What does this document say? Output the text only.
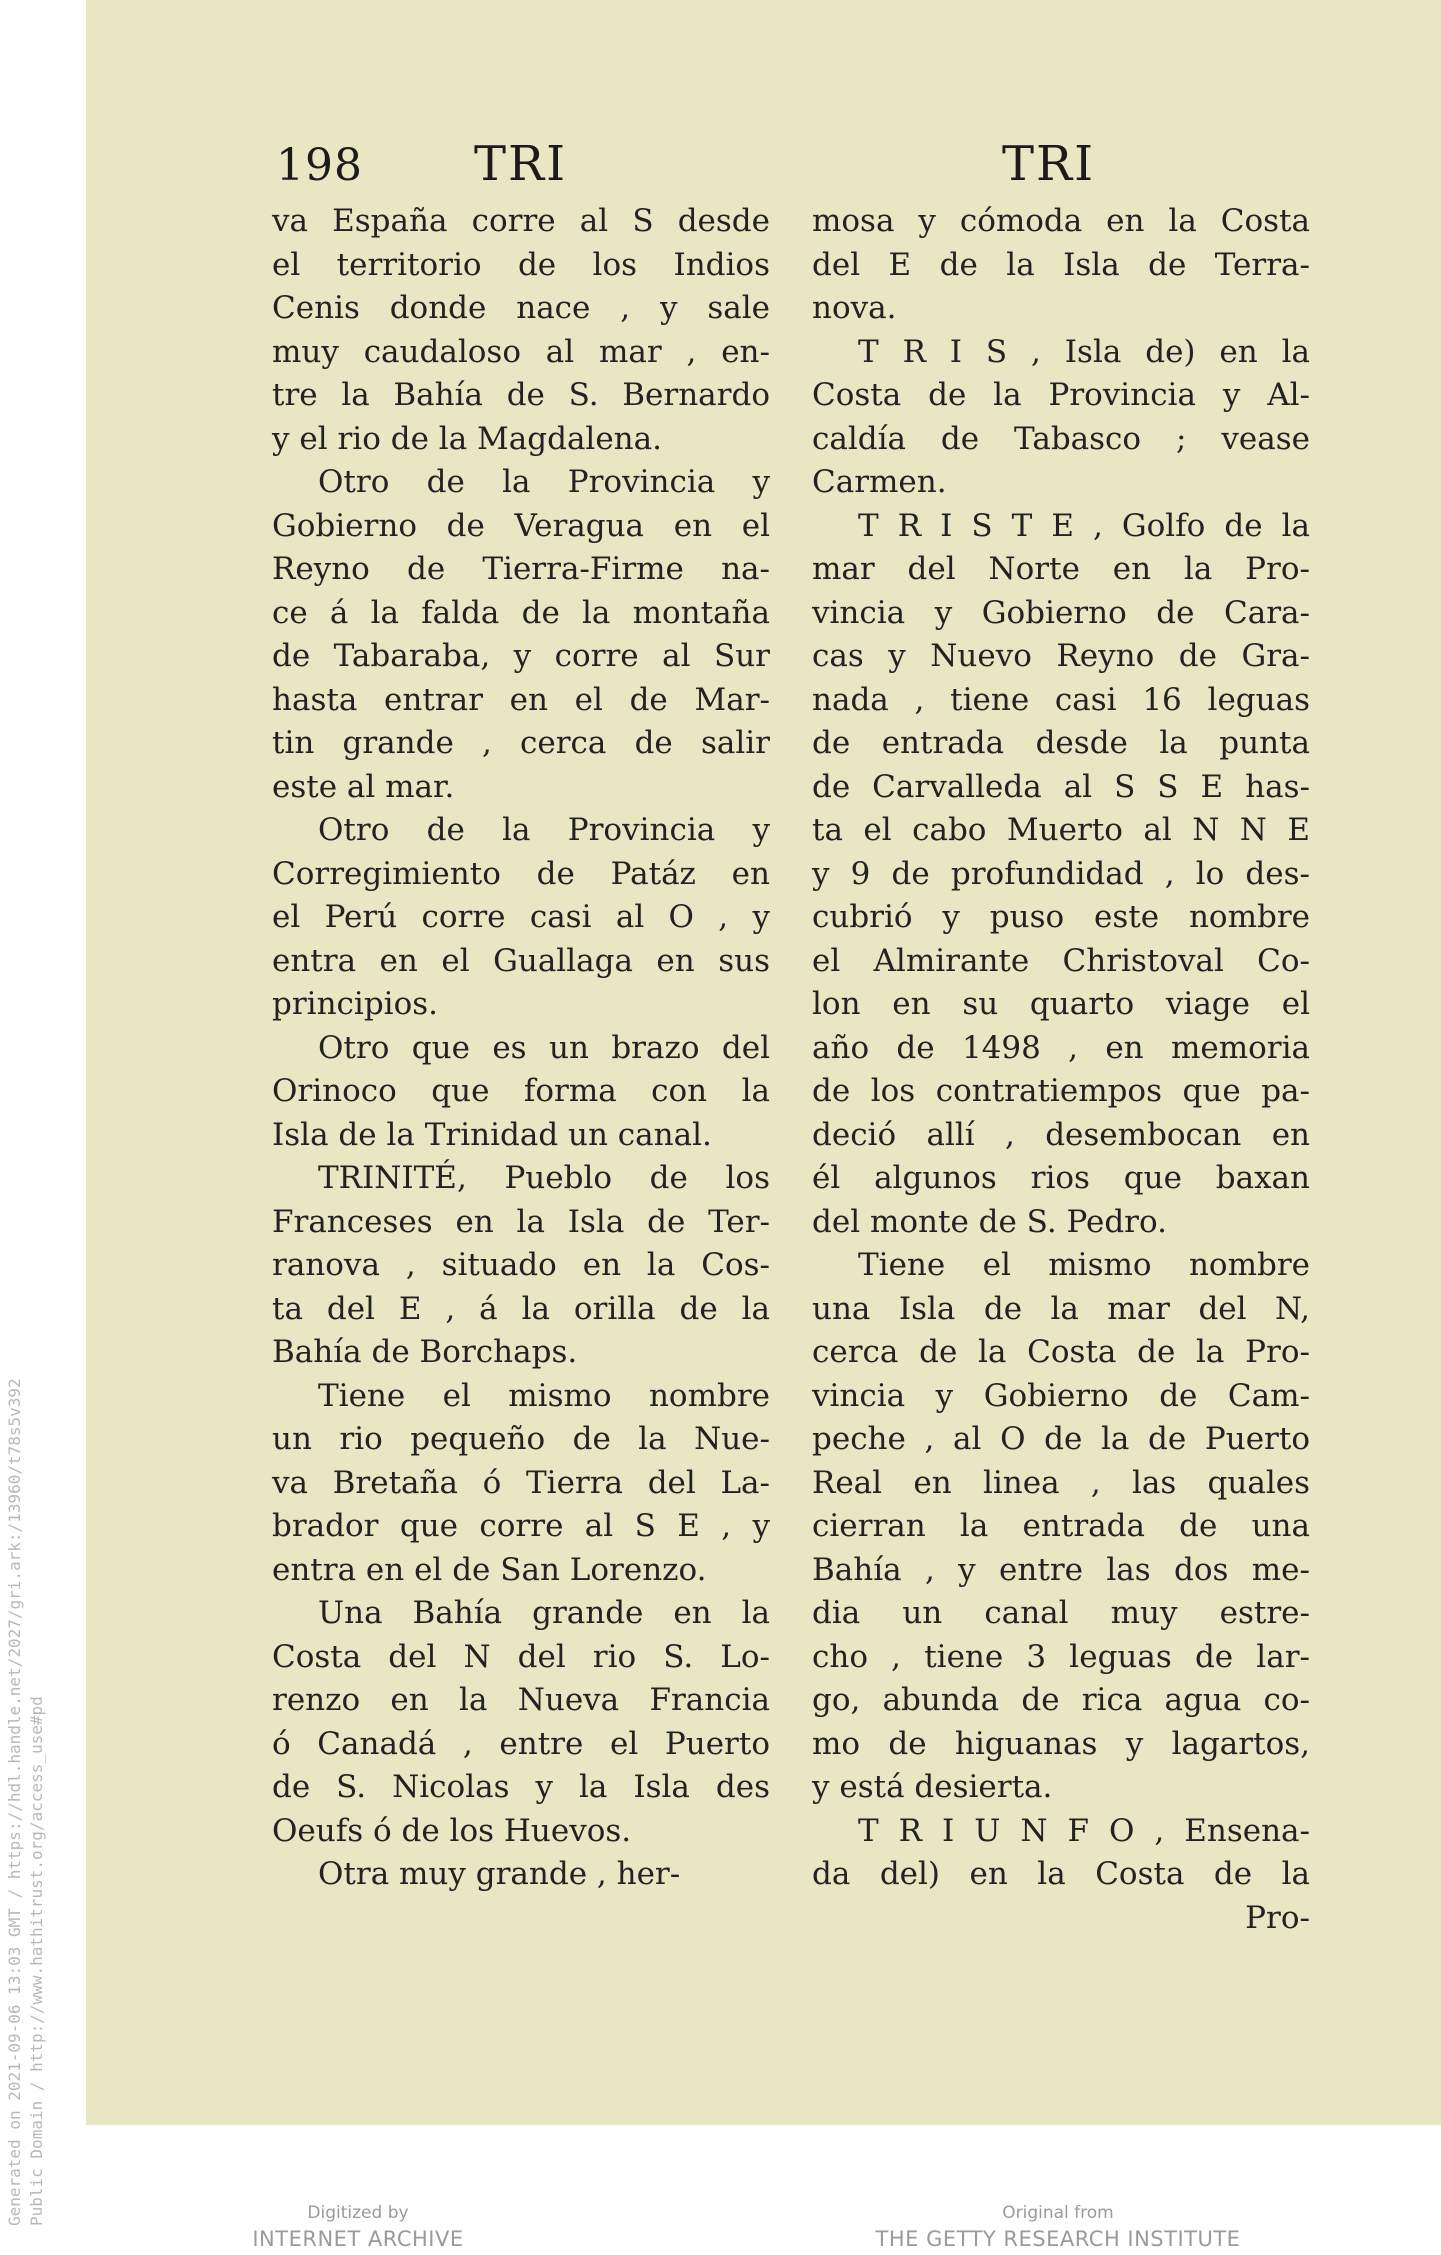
Generated on 2021-09-06 13:03 GMT / https://hdl.handle.net/2027/gri.ark:/13960/t78s5v392 Public Domain / http://www.hathitrust.org/access_use#pd
198 TRI	TRI
va España corre al S desde
el territorio de los Indios
Cenis donde nace , y sale
muy caudaloso al mar , en-
tre la Bahía de S. Bernardo
y el rio de la Magdalena.
Otro de la Provincia y
Gobierno de Veragua en el
Reyno de Tierra-Firme na-
ce á la falda de la montaña
de Tabaraba, y corre al Sur
hasta entrar en el de Mar-
tin grande , cerca de salir
este al mar.
Otro de la Provincia y
Corregimiento de Patáz en
el Perú corre casi al O , y
entra en el Guallaga en sus
principios.
Otro que es un brazo del
Orinoco que forma con la
Isla de la Trinidad un canal.
TRINITÉ, Pueblo de los
Franceses en la Isla de Ter-
ranova , situado en la Cos-
ta del E , á la orilla de la
Bahía de Borchaps.
Tiene el mismo nombre
un rio pequeño de la Nue-
va Bretaña ó Tierra del La-
brador que corre al S E , y
entra en el de San Lorenzo.
Una Bahía grande en la
Costa del N del rio S. Lo-
renzo en la Nueva Francia
ó Canadá , entre el Puerto
de S. Nicolas y la Isla des
Oeufs ó de los Huevos.
Otra muy grande , her-
mosa y cómoda en la Costa
del E de la Isla de Terra-
nova.
T R I S , Isla de) en la
Costa de la Provincia y Al-
caldía de Tabasco ; vease
Carmen.
T R I S T E , Golfo de la
mar del Norte en la Pro-
vincia y Gobierno de Cara-
cas y Nuevo Reyno de Gra-
nada , tiene casi 16 leguas
de entrada desde la punta
de Carvalleda al S S E has-
ta el cabo Muerto al N N E
y 9 de profundidad , lo des-
cubrió y puso este nombre
el Almirante Christoval Co-
lon en su quarto viage el
año de 1498 , en memoria
de los contratiempos que pa-
deció allí , desembocan en
él algunos rios que baxan
del monte de S. Pedro.
Tiene el mismo nombre
una Isla de la mar del N,
cerca de la Costa de la Pro-
vincia y Gobierno de Cam-
peche , al O de la de Puerto
Real en linea , las quales
cierran la entrada de una
Bahía , y entre las dos me-
dia un canal muy estre-
cho , tiene 3 leguas de lar-
go, abunda de rica agua co-
mo de higuanas y lagartos,
y está desierta.
T R I U N F O , Ensena-
da del) en la Costa de la
Pro-
Digitized by
INTERNET ARCHIVE
Original from
THE GETTY RESEARCH INSTITUTE
